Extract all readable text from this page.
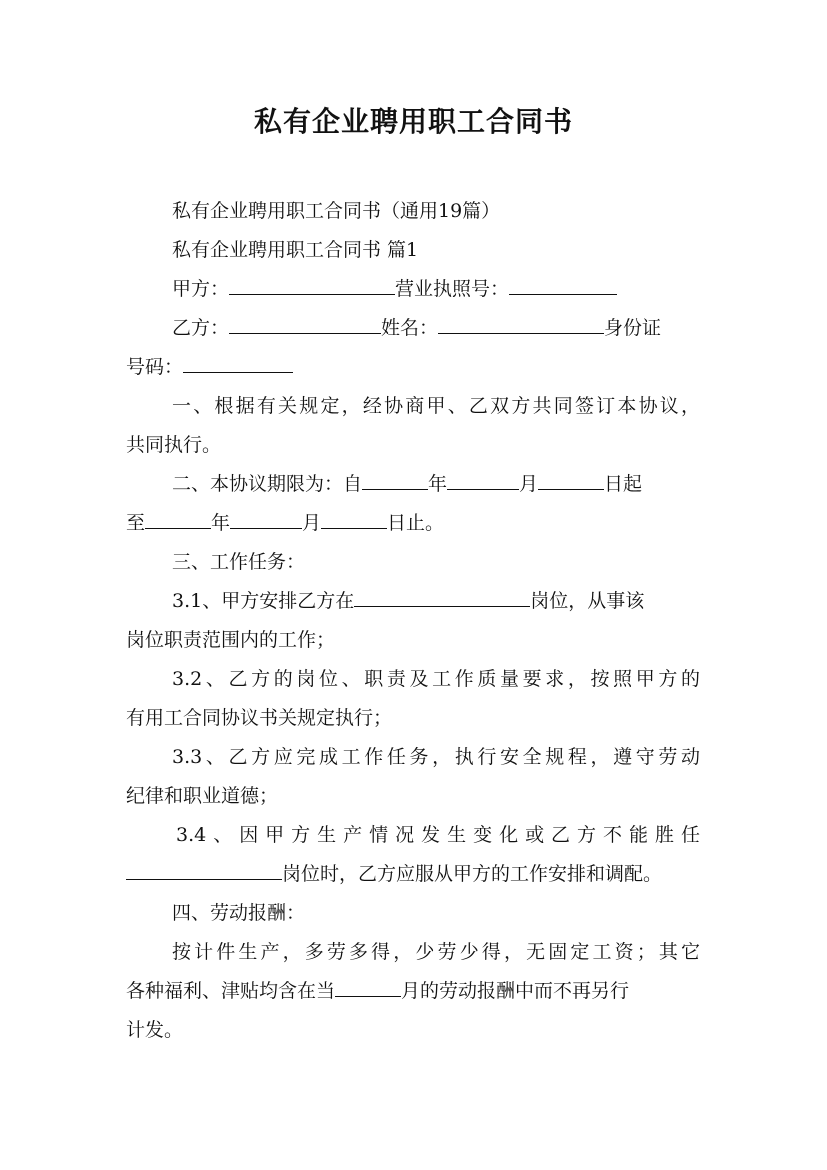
私有企业聘用职工合同书
私有企业聘用职工合同书（通用19篇）
私有企业聘用职工合同书 篇1
甲方：	营业执照号：
乙方：	姓名：	身份证
号码：
一、根据有关规定，经协商甲、乙双方共同签订本协议，
共同执行。
二、本协议期限为：自	年	月	日起
至	年	月	日止。
三、工作任务：
3.1、甲方安排乙方在	岗位，从事该
岗位职责范围内的工作；
3.2、乙方的岗位、职责及工作质量要求，按照甲方的
有用工合同协议书关规定执行；
3.3、乙方应完成工作任务，执行安全规程，遵守劳动
纪律和职业道德；
3.4、因甲方生产情况发生变化或乙方不能胜任
岗位时，乙方应服从甲方的工作安排和调配。
四、劳动报酬：
按计件生产，多劳多得，少劳少得，无固定工资；其它
各种福利、津贴均含在当	月的劳动报酬中而不再另行
计发。
